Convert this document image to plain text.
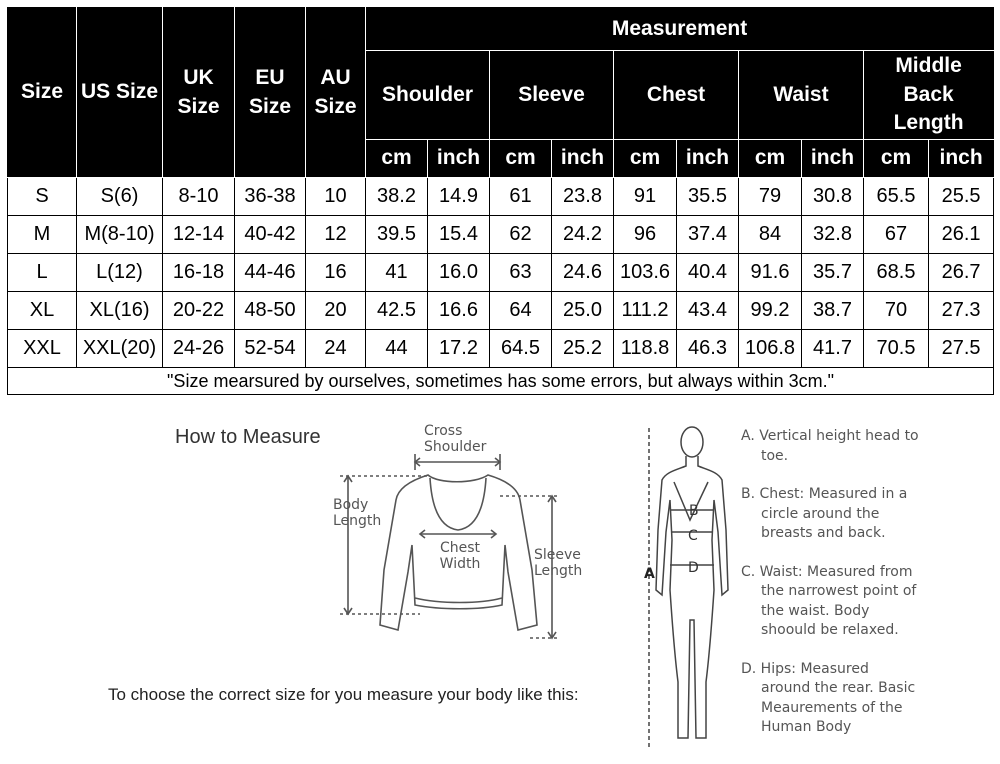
Size	US Size	UK Size	EU Size	AU Size	Measurement									
					Shoulder		Sleeve		Chest		Waist		Middle Back Length	
					cm	inch	cm	inch	cm	inch	cm	inch	cm	inch
S	S(6)	8-10	36-38	10	38.2	14.9	61	23.8	91	35.5	79	30.8	65.5	25.5
M	M(8-10)	12-14	40-42	12	39.5	15.4	62	24.2	96	37.4	84	32.8	67	26.1
L	L(12)	16-18	44-46	16	41	16.0	63	24.6	103.6	40.4	91.6	35.7	68.5	26.7
XL	XL(16)	20-22	48-50	20	42.5	16.6	64	25.0	111.2	43.4	99.2	38.7	70	27.3
XXL	XXL(20)	24-26	52-54	24	44	17.2	64.5	25.2	118.8	46.3	106.8	41.7	70.5	27.5
"Size mearsured by ourselves, sometimes has some errors, but always within 3cm."														
How to Measure	Cross Shoulder
Body Length
Chest Width
Sleeve Length
To choose the correct size for you measure your body like this:
B
C
D
A

A. Vertical height head to toe.

B. Chest: Measured in a circle around the breasts and back.

C. Waist: Measured from the narrowest point of the waist. Body shoould be relaxed.

D. Hips: Measured around the rear. Basic Meaurements of the Human Body
